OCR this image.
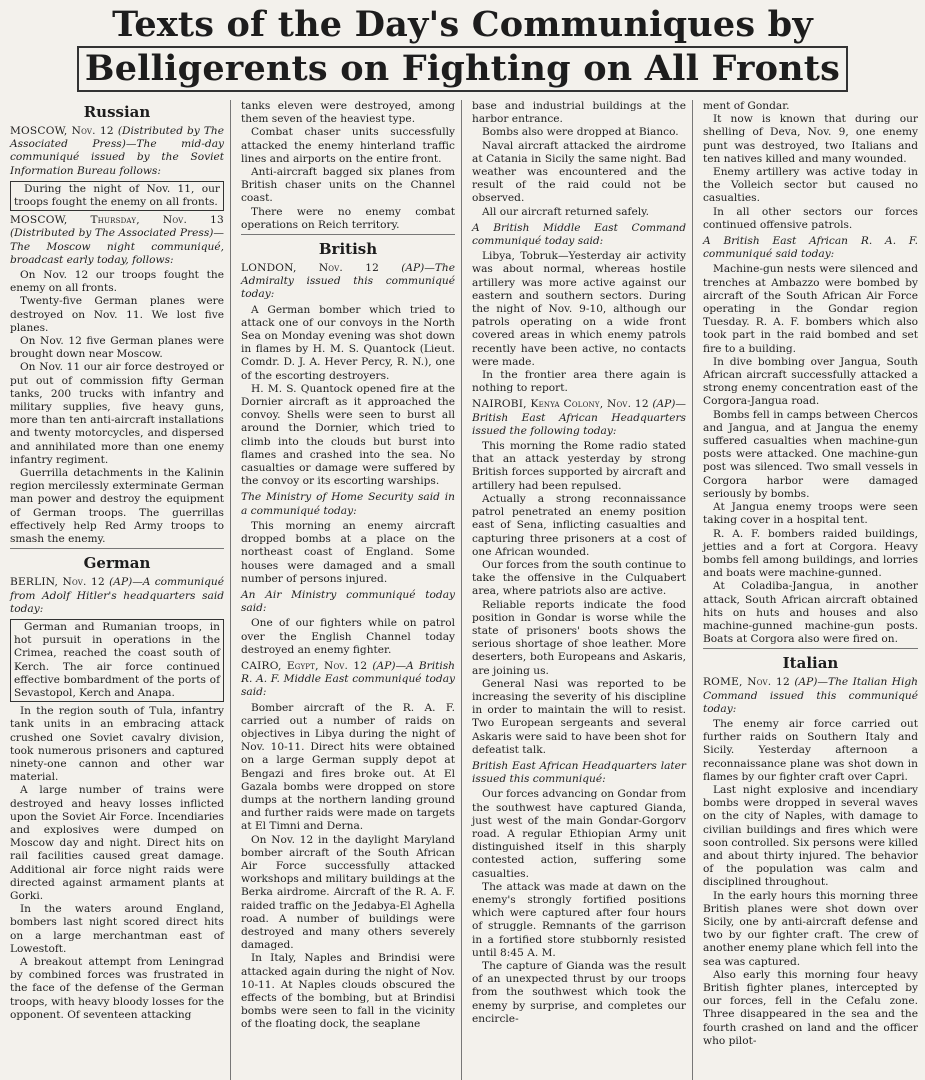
Texts of the Day's Communiques by
Belligerents on Fighting on All Fronts
Russian

MOSCOW, Nov. 12 (Distributed by The Associated Press)—The mid-day communiqué issued by the Soviet Information Bureau follows:

During the night of Nov. 11, our troops fought the enemy on all fronts.

MOSCOW, Thursday, Nov. 13 (Distributed by The Associated Press)—The Moscow night communiqué, broadcast early today, follows:

On Nov. 12 our troops fought the enemy on all fronts.

Twenty-five German planes were destroyed on Nov. 11. We lost five planes.

On Nov. 12 five German planes were brought down near Moscow.

On Nov. 11 our air force destroyed or put out of commission fifty German tanks, 200 trucks with infantry and military supplies, five heavy guns, more than ten anti-aircraft installations and twenty motorcycles, and dispersed and annihilated more than one enemy infantry regiment.

Guerrilla detachments in the Kalinin region mercilessly exterminate German man power and destroy the equipment of German troops. The guerrillas effectively help Red Army troops to smash the enemy.

German

BERLIN, Nov. 12 (AP)—A communiqué from Adolf Hitler's headquarters said today:

German and Rumanian troops, in hot pursuit in operations in the Crimea, reached the coast south of Kerch. The air force continued effective bombardment of the ports of Sevastopol, Kerch and Anapa.

In the region south of Tula, infantry tank units in an embracing attack crushed one Soviet cavalry division, took numerous prisoners and captured ninety-one cannon and other war material.

A large number of trains were destroyed and heavy losses inflicted upon the Soviet Air Force. Incendiaries and explosives were dumped on Moscow day and night. Direct hits on rail facilities caused great damage. Additional air force night raids were directed against armament plants at Gorki.

In the waters around England, bombers last night scored direct hits on a large merchantman east of Lowestoft.

A breakout attempt from Leningrad by combined forces was frustrated in the face of the defense of the German troops, with heavy bloody losses for the opponent. Of seventeen attacking

tanks eleven were destroyed, among them seven of the heaviest type.

Combat chaser units successfully attacked the enemy hinterland traffic lines and airports on the entire front.

Anti-aircraft bagged six planes from British chaser units on the Channel coast.

There were no enemy combat operations on Reich territory.

British

LONDON, Nov. 12 (AP)—The Admiralty issued this communiqué today:

A German bomber which tried to attack one of our convoys in the North Sea on Monday evening was shot down in flames by H. M. S. Quantock (Lieut. Comdr. D. J. A. Hever Percy, R. N.), one of the escorting destroyers.

H. M. S. Quantock opened fire at the Dornier aircraft as it approached the convoy. Shells were seen to burst all around the Dornier, which tried to climb into the clouds but burst into flames and crashed into the sea. No casualties or damage were suffered by the convoy or its escorting warships.

The Ministry of Home Security said in a communiqué today:

This morning an enemy aircraft dropped bombs at a place on the northeast coast of England. Some houses were damaged and a small number of persons injured.

An Air Ministry communiqué today said:

One of our fighters while on patrol over the English Channel today destroyed an enemy fighter.

CAIRO, Egypt, Nov. 12 (AP)—A British R. A. F. Middle East communiqué today said:

Bomber aircraft of the R. A. F. carried out a number of raids on objectives in Libya during the night of Nov. 10-11. Direct hits were obtained on a large German supply depot at Bengazi and fires broke out. At El Gazala bombs were dropped on store dumps at the northern landing ground and further raids were made on targets at El Timni and Derna.

On Nov. 12 in the daylight Maryland bomber aircraft of the South African Air Force successfully attacked workshops and military buildings at the Berka airdrome. Aircraft of the R. A. F. raided traffic on the Jedabya-El Aghella road. A number of buildings were destroyed and many others severely damaged.

In Italy, Naples and Brindisi were attacked again during the night of Nov. 10-11. At Naples clouds obscured the effects of the bombing, but at Brindisi bombs were seen to fall in the vicinity of the floating dock, the seaplane

base and industrial buildings at the harbor entrance.

Bombs also were dropped at Bianco.

Naval aircraft attacked the airdrome at Catania in Sicily the same night. Bad weather was encountered and the result of the raid could not be observed.

All our aircraft returned safely.

A British Middle East Command communiqué today said:

Libya, Tobruk—Yesterday air activity was about normal, whereas hostile artillery was more active against our eastern and southern sectors. During the night of Nov. 9-10, although our patrols operating on a wide front covered areas in which enemy patrols recently have been active, no contacts were made.

In the frontier area there again is nothing to report.

NAIROBI, Kenya Colony, Nov. 12 (AP)—British East African Headquarters issued the following today:

This morning the Rome radio stated that an attack yesterday by strong British forces supported by aircraft and artillery had been repulsed.

Actually a strong reconnaissance patrol penetrated an enemy position east of Sena, inflicting casualties and capturing three prisoners at a cost of one African wounded.

Our forces from the south continue to take the offensive in the Culquabert area, where patriots also are active.

Reliable reports indicate the food position in Gondar is worse while the state of prisoners' boots shows the serious shortage of shoe leather. More deserters, both Europeans and Askaris, are joining us.

General Nasi was reported to be increasing the severity of his discipline in order to maintain the will to resist. Two European sergeants and several Askaris were said to have been shot for defeatist talk.

British East African Headquarters later issued this communiqué:

Our forces advancing on Gondar from the southwest have captured Gianda, just west of the main Gondar-Gorgorv road. A regular Ethiopian Army unit distinguished itself in this sharply contested action, suffering some casualties.

The attack was made at dawn on the enemy's strongly fortified positions which were captured after four hours of struggle. Remnants of the garrison in a fortified store stubbornly resisted until 8:45 A. M.

The capture of Gianda was the result of an unexpected thrust by our troops from the southwest which took the enemy by surprise, and completes our encircle-

ment of Gondar.

It now is known that during our shelling of Deva, Nov. 9, one enemy punt was destroyed, two Italians and ten natives killed and many wounded.

Enemy artillery was active today in the Volleich sector but caused no casualties.

In all other sectors our forces continued offensive patrols.

A British East African R. A. F. communiqué said today:

Machine-gun nests were silenced and trenches at Ambazzo were bombed by aircraft of the South African Air Force operating in the Gondar region Tuesday. R. A. F. bombers which also took part in the raid bombed and set fire to a building.

In dive bombing over Jangua, South African aircraft successfully attacked a strong enemy concentration east of the Corgora-Jangua road.

Bombs fell in camps between Chercos and Jangua, and at Jangua the enemy suffered casualties when machine-gun posts were attacked. One machine-gun post was silenced. Two small vessels in Corgora harbor were damaged seriously by bombs.

At Jangua enemy troops were seen taking cover in a hospital tent.

R. A. F. bombers raided buildings, jetties and a fort at Corgora. Heavy bombs fell among buildings, and lorries and boats were machine-gunned.

At Coladiba-Jangua, in another attack, South African aircraft obtained hits on huts and houses and also machine-gunned machine-gun posts. Boats at Corgora also were fired on.

Italian

ROME, Nov. 12 (AP)—The Italian High Command issued this communiqué today:

The enemy air force carried out further raids on Southern Italy and Sicily. Yesterday afternoon a reconnaissance plane was shot down in flames by our fighter craft over Capri.

Last night explosive and incendiary bombs were dropped in several waves on the city of Naples, with damage to civilian buildings and fires which were soon controlled. Six persons were killed and about thirty injured. The behavior of the population was calm and disciplined throughout.

In the early hours this morning three British planes were shot down over Sicily, one by anti-aircraft defense and two by our fighter craft. The crew of another enemy plane which fell into the sea was captured.

Also early this morning four heavy British fighter planes, intercepted by our forces, fell in the Cefalu zone. Three disappeared in the sea and the fourth crashed on land and the officer who pilot-
